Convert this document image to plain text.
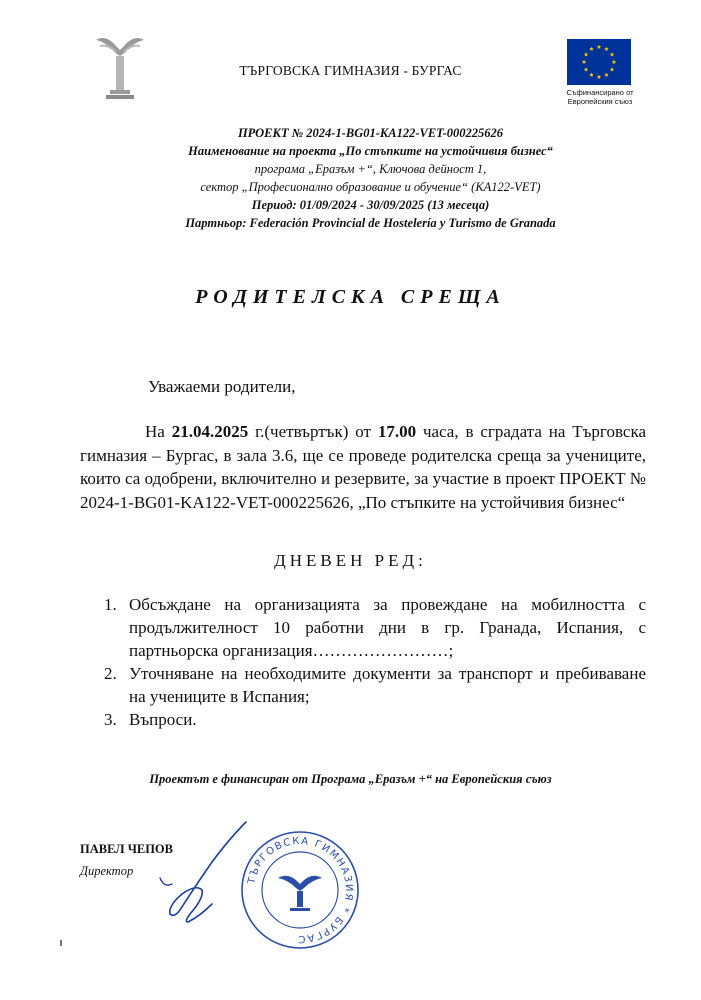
ТЪРГОВСКА ГИМНАЗИЯ - БУРГАС
Съфинансирано от
Европейския съюз
ПРОЕКТ № 2024-1-BG01-KA122-VET-000225626
Наименование на проекта „По стъпките на устойчивия бизнес“
програма „Еразъм +“, Ключова дейност 1,
сектор „Професионално образование и обучение“ (КА122-VET)
Период: 01/09/2024 - 30/09/2025 (13 месеца)
Партньор: Federación Provincial de Hostelería y Turismo de Granada
РОДИТЕЛСКА СРЕЩА
Уважаеми родители,
На 21.04.2025 г.(четвъртък) от 17.00 часа, в сградата на Търговска гимназия – Бургас, в зала 3.6, ще се проведе родителска среща за учениците, които са одобрени, включително и резервите, за участие в проект ПРОЕКТ № 2024-1-BG01-KA122-VET-000225626, „По стъпките на устойчивия бизнес“
ДНЕВЕН РЕД:
1. Обсъждане на организацията за провеждане на мобилността с продължителност 10 работни дни в гр. Гранада, Испания, с партньорска организация……………………;
2. Уточняване на необходимите документи за транспорт и пребиваване на учениците в Испания;
3. Въпроси.
Проектът е финансиран от Програма „Еразъм +“ на Европейския съюз
ПАВЕЛ ЧЕПОВ
Директор
ТЪРГОВСКА ГИМНАЗИЯ * БУРГАС
